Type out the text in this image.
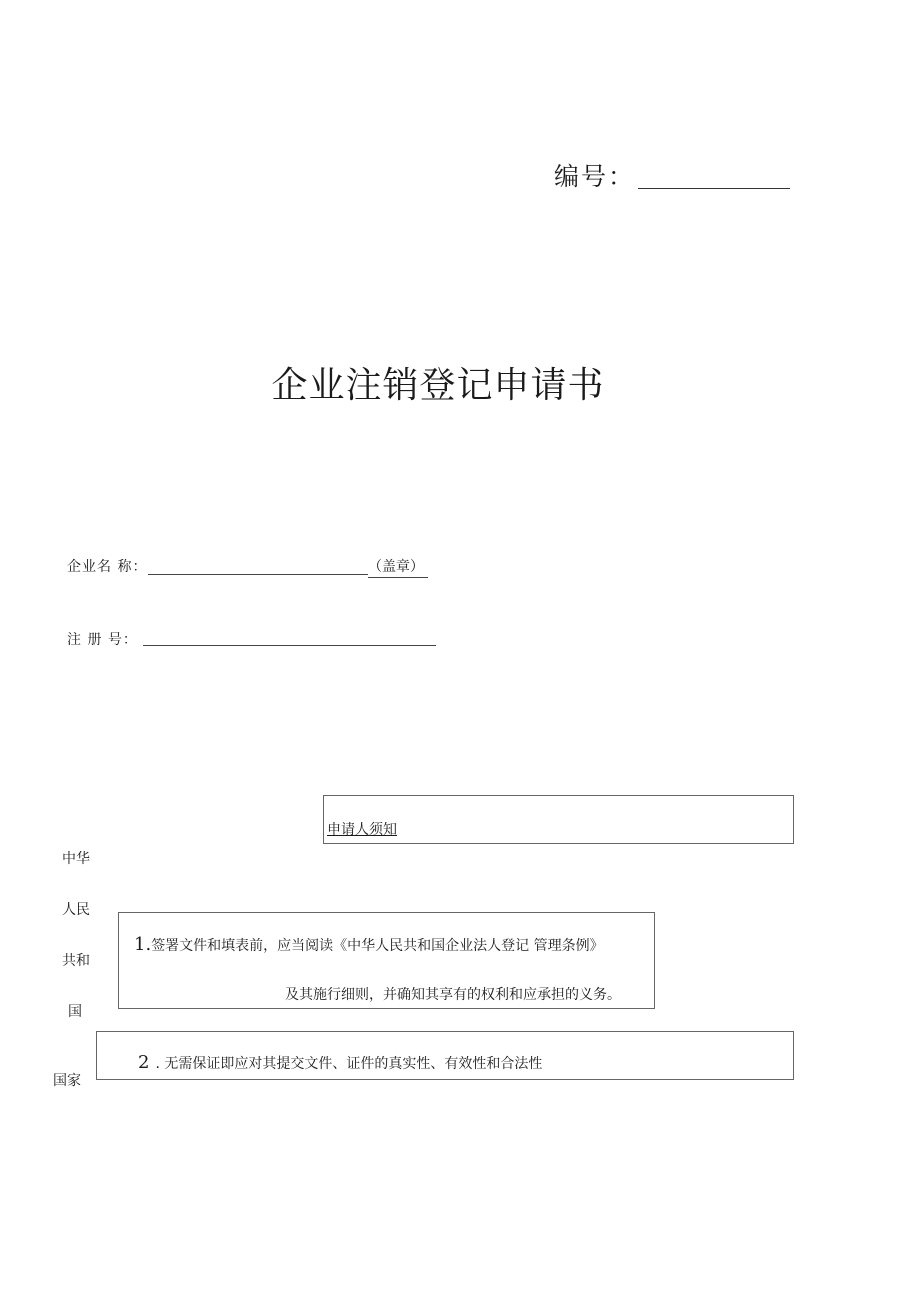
编号：
企业注销登记申请书
企业名 称：	（盖章）
注 册 号：
中华
人民
共和
国
国家
申请人须知
1.签署文件和填表前，应当阅读《中华人民共和国企业法人登记 管理条例》
及其施行细则，并确知其享有的权利和应承担的义务。
2 . 无需保证即应对其提交文件、证件的真实性、有效性和合法性
